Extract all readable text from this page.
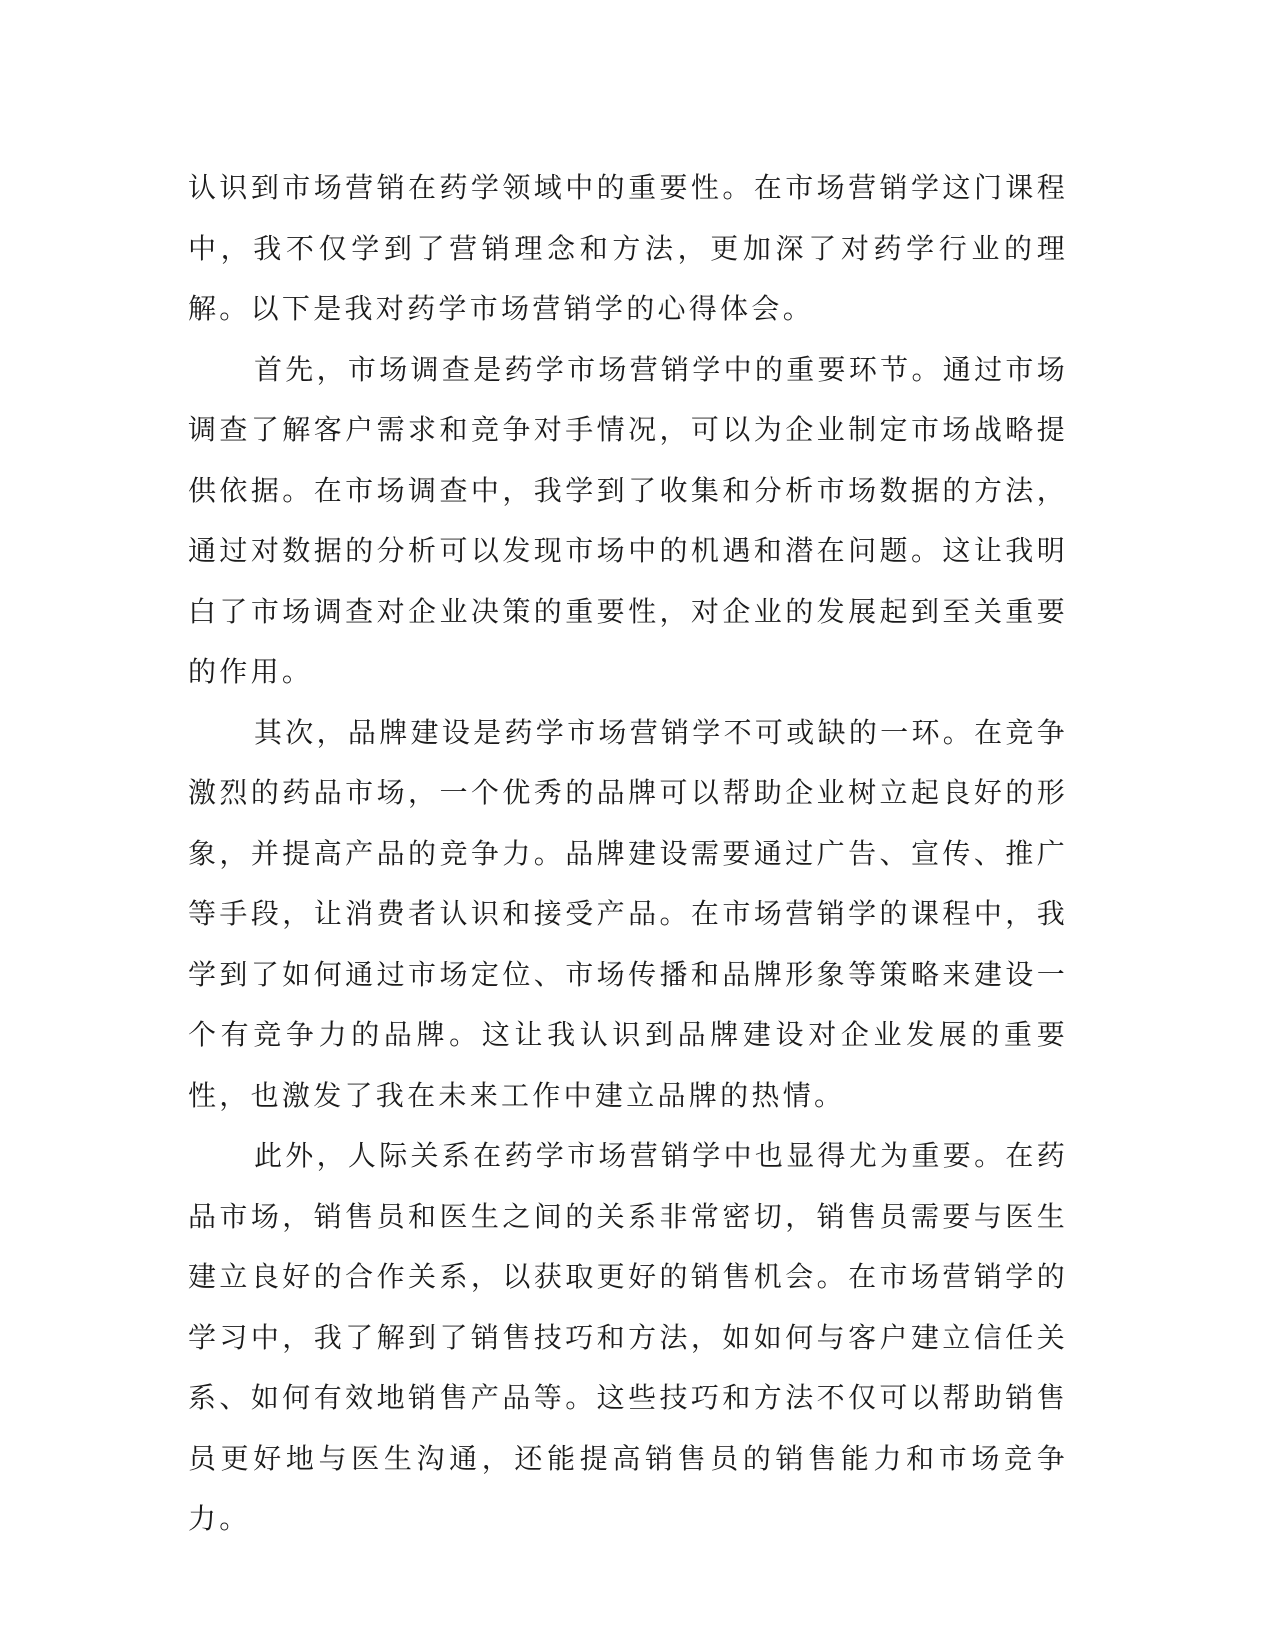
认识到市场营销在药学领域中的重要性。在市场营销学这门课程中，我不仅学到了营销理念和方法，更加深了对药学行业的理解。以下是我对药学市场营销学的心得体会。

首先，市场调查是药学市场营销学中的重要环节。通过市场调查了解客户需求和竞争对手情况，可以为企业制定市场战略提供依据。在市场调查中，我学到了收集和分析市场数据的方法，通过对数据的分析可以发现市场中的机遇和潜在问题。这让我明白了市场调查对企业决策的重要性，对企业的发展起到至关重要的作用。

其次，品牌建设是药学市场营销学不可或缺的一环。在竞争激烈的药品市场，一个优秀的品牌可以帮助企业树立起良好的形象，并提高产品的竞争力。品牌建设需要通过广告、宣传、推广等手段，让消费者认识和接受产品。在市场营销学的课程中，我学到了如何通过市场定位、市场传播和品牌形象等策略来建设一个有竞争力的品牌。这让我认识到品牌建设对企业发展的重要性，也激发了我在未来工作中建立品牌的热情。

此外，人际关系在药学市场营销学中也显得尤为重要。在药品市场，销售员和医生之间的关系非常密切，销售员需要与医生建立良好的合作关系，以获取更好的销售机会。在市场营销学的学习中，我了解到了销售技巧和方法，如如何与客户建立信任关系、如何有效地销售产品等。这些技巧和方法不仅可以帮助销售员更好地与医生沟通，还能提高销售员的销售能力和市场竞争力。
